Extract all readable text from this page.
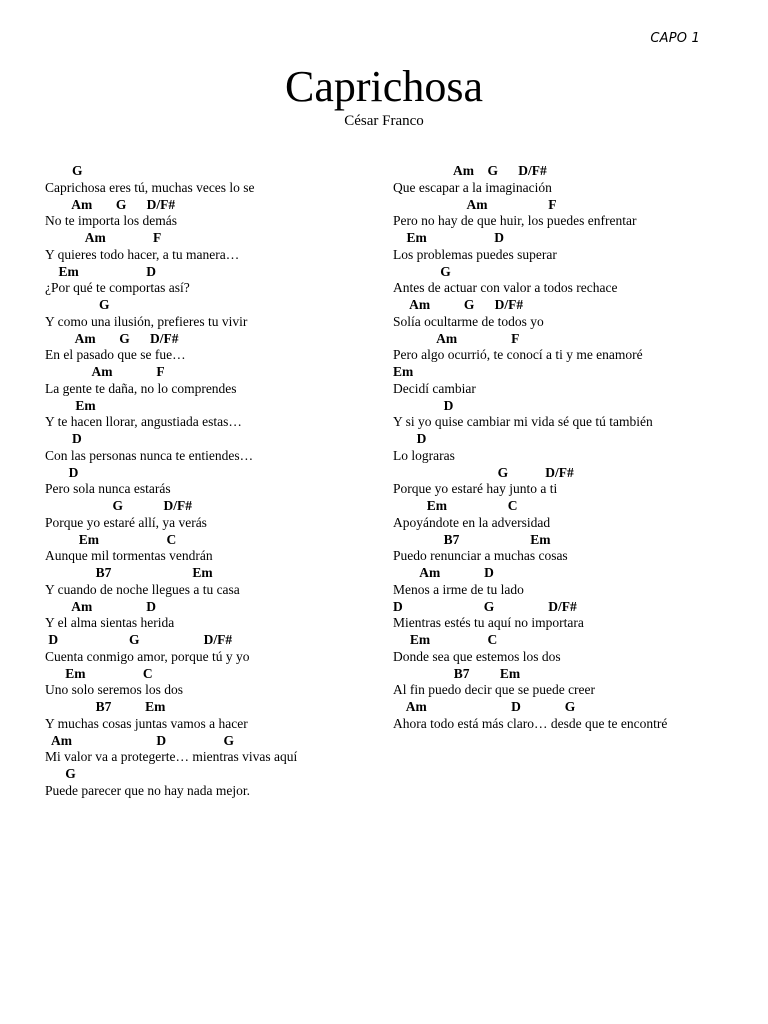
CAPO 1
Caprichosa
César Franco
G
Caprichosa eres tú, muchas veces lo se
Am       G      D/F#
No te importa los demás
Am              F
Y quieres todo hacer, a tu manera…
Em                    D
¿Por qué te comportas así?
G
Y como una ilusión, prefieres tu vivir
Am       G      D/F#
En el pasado que se fue…
Am             F
La gente te daña, no lo comprendes
Em
Y te hacen llorar, angustiada estas…
D
Con las personas nunca te entiendes…
D
Pero sola nunca estarás
G            D/F#
Porque yo estaré allí, ya verás
Em                    C
Aunque mil tormentas vendrán
B7                        Em
Y cuando de noche llegues a tu casa
Am                D
Y el alma sientas herida
D                     G                   D/F#
Cuenta conmigo amor, porque tú y yo
Em                 C
Uno solo seremos los dos
B7          Em
Y muchas cosas juntas vamos a hacer
Am                         D                 G
Mi valor va a protegerte… mientras vivas aquí
G
Puede parecer que no hay nada mejor.
Am    G      D/F#
Que escapar a la imaginación
Am                  F
Pero no hay de que huir, los puedes enfrentar
Em                    D
Los problemas puedes superar
G
Antes de actuar con valor a todos rechace
Am          G      D/F#
Solía ocultarme de todos yo
Am                F
Pero algo ocurrió, te conocí a ti y me enamoré
Em
Decidí cambiar
D
Y si yo quise cambiar mi vida sé que tú también
D
Lo lograras
G           D/F#
Porque yo estaré hay junto a ti
Em                  C
Apoyándote en la adversidad
B7                     Em
Puedo renunciar a muchas cosas
Am             D
Menos a irme de tu lado
D                        G                D/F#
Mientras estés tu aquí no importara
Em                 C
Donde sea que estemos los dos
B7         Em
Al fin puedo decir que se puede creer
Am                         D             G
Ahora todo está más claro… desde que te encontré
